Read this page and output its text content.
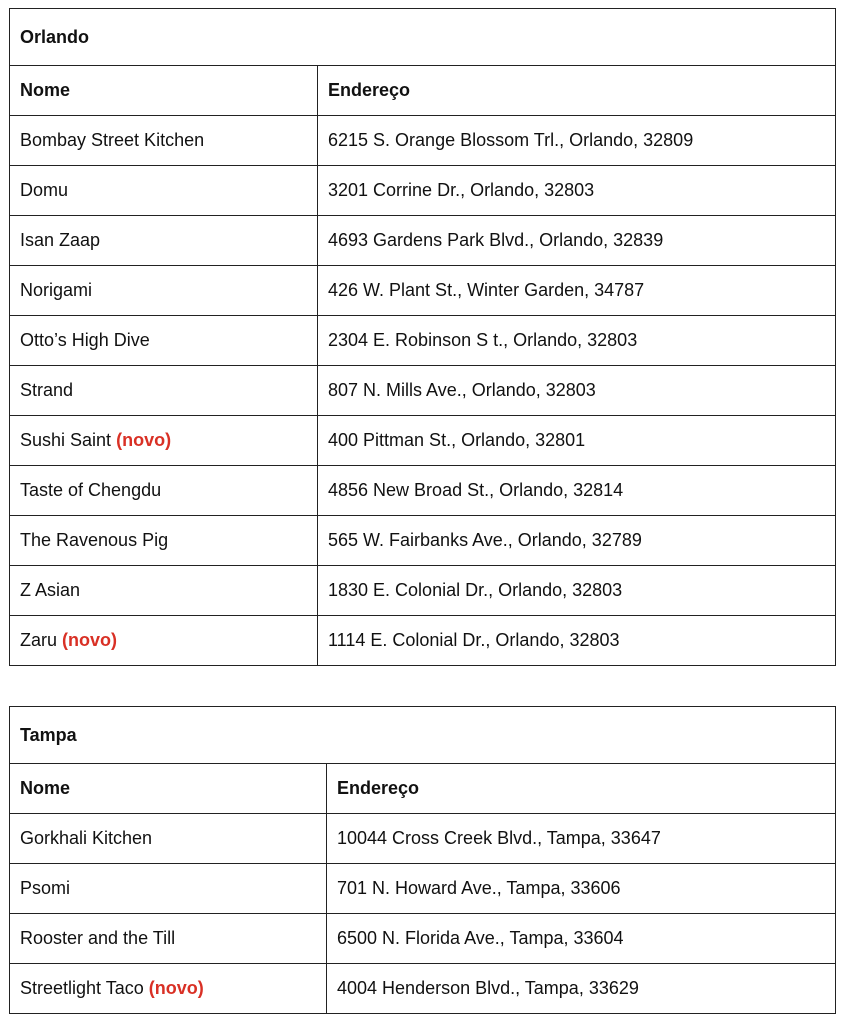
Orlando	
Nome	Endereço
Bombay Street Kitchen	6215 S. Orange Blossom Trl., Orlando, 32809
Domu	3201 Corrine Dr., Orlando, 32803
Isan Zaap	4693 Gardens Park Blvd., Orlando, 32839
Norigami	426 W. Plant St., Winter Garden, 34787
Otto’s High Dive	2304 E. Robinson S t., Orlando, 32803
Strand	807 N. Mills Ave., Orlando, 32803
Sushi Saint (novo)	400 Pittman St., Orlando, 32801
Taste of Chengdu	4856 New Broad St., Orlando, 32814
The Ravenous Pig	565 W. Fairbanks Ave., Orlando, 32789
Z Asian	1830 E. Colonial Dr., Orlando, 32803
Zaru (novo)	1114 E. Colonial Dr., Orlando, 32803
Tampa	
Nome	Endereço
Gorkhali Kitchen	10044 Cross Creek Blvd., Tampa, 33647
Psomi	701 N. Howard Ave., Tampa, 33606
Rooster and the Till	6500 N. Florida Ave., Tampa, 33604
Streetlight Taco (novo)	4004 Henderson Blvd., Tampa, 33629
